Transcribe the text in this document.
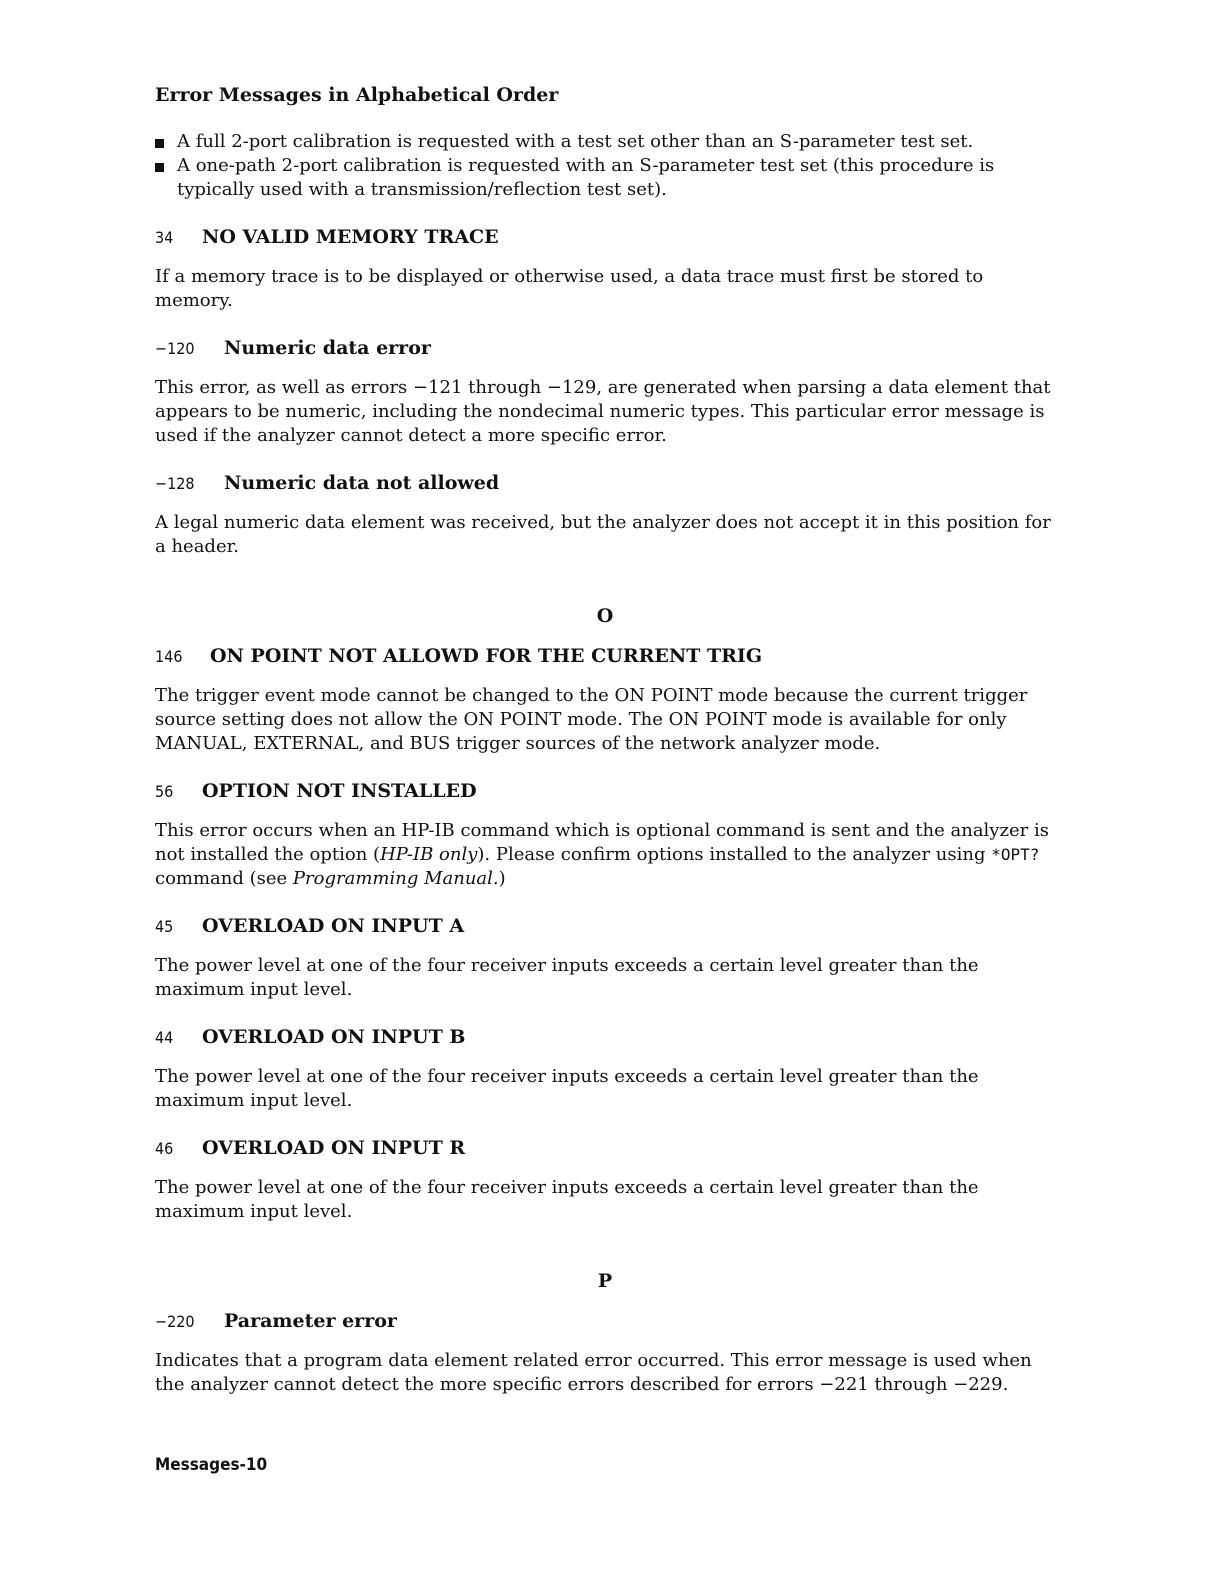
Error Messages in Alphabetical Order
A full 2-port calibration is requested with a test set other than an S-parameter test set.
A one-path 2-port calibration is requested with an S-parameter test set (this procedure is typically used with a transmission/reflection test set).
34	NO VALID MEMORY TRACE

If a memory trace is to be displayed or otherwise used, a data trace must first be stored to memory.

−120	Numeric data error

This error, as well as errors −121 through −129, are generated when parsing a data element that appears to be numeric, including the nondecimal numeric types. This particular error message is used if the analyzer cannot detect a more specific error.

−128	Numeric data not allowed

A legal numeric data element was received, but the analyzer does not accept it in this position for a header.

O
146	ON POINT NOT ALLOWD FOR THE CURRENT TRIG

The trigger event mode cannot be changed to the ON POINT mode because the current trigger source setting does not allow the ON POINT mode. The ON POINT mode is available for only MANUAL, EXTERNAL, and BUS trigger sources of the network analyzer mode.

56	OPTION NOT INSTALLED

This error occurs when an HP-IB command which is optional command is sent and the analyzer is not installed the option (HP-IB only). Please confirm options installed to the analyzer using *OPT? command (see Programming Manual.)

45	OVERLOAD ON INPUT A

The power level at one of the four receiver inputs exceeds a certain level greater than the maximum input level.

44	OVERLOAD ON INPUT B

The power level at one of the four receiver inputs exceeds a certain level greater than the maximum input level.

46	OVERLOAD ON INPUT R

The power level at one of the four receiver inputs exceeds a certain level greater than the maximum input level.

P
−220	Parameter error

Indicates that a program data element related error occurred. This error message is used when the analyzer cannot detect the more specific errors described for errors −221 through −229.

Messages-10
